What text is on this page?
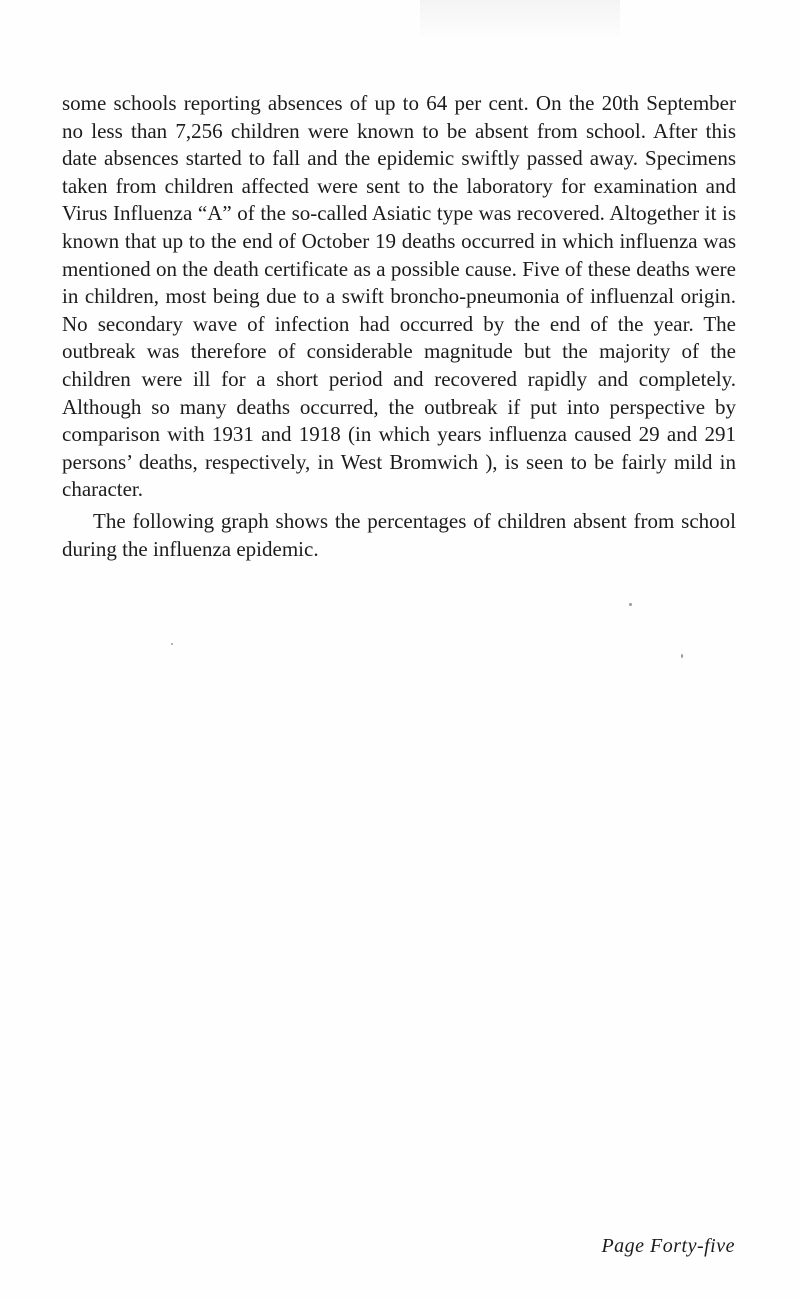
some schools reporting absences of up to 64 per cent. On the 20th September no less than 7,256 children were known to be absent from school. After this date absences started to fall and the epidemic swiftly passed away. Specimens taken from children affected were sent to the laboratory for examination and Virus Influenza “A” of the so-called Asiatic type was recovered. Altogether it is known that up to the end of October 19 deaths occurred in which influenza was mentioned on the death certificate as a possible cause. Five of these deaths were in children, most being due to a swift broncho-pneumonia of influenzal origin. No secondary wave of infection had occurred by the end of the year. The outbreak was therefore of considerable magnitude but the majority of the children were ill for a short period and recovered rapidly and completely. Although so many deaths occurred, the outbreak if put into perspective by comparison with 1931 and 1918 (in which years influenza caused 29 and 291 persons’ deaths, respectively, in West Bromwich ), is seen to be fairly mild in character.

The following graph shows the percentages of children absent from school during the influenza epidemic.

Page Forty-five
